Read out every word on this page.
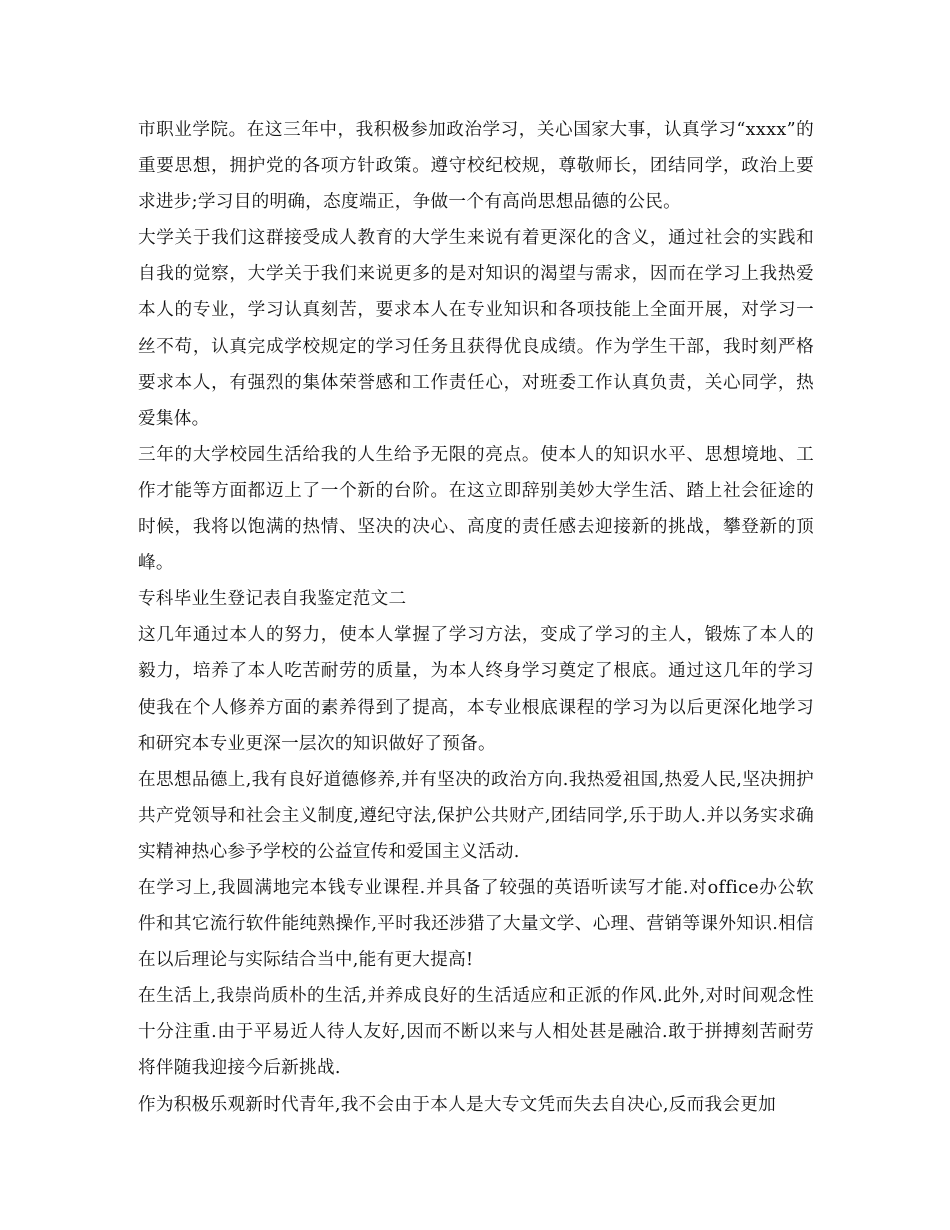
市职业学院。在这三年中，我积极参加政治学习，关心国家大事，认真学习“xxxx”的重要思想，拥护党的各项方针政策。遵守校纪校规，尊敬师长，团结同学，政治上要求进步;学习目的明确，态度端正，争做一个有高尚思想品德的公民。

大学关于我们这群接受成人教育的大学生来说有着更深化的含义，通过社会的实践和自我的觉察，大学关于我们来说更多的是对知识的渴望与需求，因而在学习上我热爱本人的专业，学习认真刻苦，要求本人在专业知识和各项技能上全面开展，对学习一丝不苟，认真完成学校规定的学习任务且获得优良成绩。作为学生干部，我时刻严格要求本人，有强烈的集体荣誉感和工作责任心，对班委工作认真负责，关心同学，热爱集体。

三年的大学校园生活给我的人生给予无限的亮点。使本人的知识水平、思想境地、工作才能等方面都迈上了一个新的台阶。在这立即辞别美妙大学生活、踏上社会征途的时候，我将以饱满的热情、坚决的决心、高度的责任感去迎接新的挑战，攀登新的顶峰。

专科毕业生登记表自我鉴定范文二

这几年通过本人的努力，使本人掌握了学习方法，变成了学习的主人，锻炼了本人的毅力，培养了本人吃苦耐劳的质量，为本人终身学习奠定了根底。通过这几年的学习使我在个人修养方面的素养得到了提高，本专业根底课程的学习为以后更深化地学习和研究本专业更深一层次的知识做好了预备。

在思想品德上,我有良好道德修养,并有坚决的政治方向.我热爱祖国,热爱人民,坚决拥护共产党领导和社会主义制度,遵纪守法,保护公共财产,团结同学,乐于助人.并以务实求确实精神热心参予学校的公益宣传和爱国主义活动.

在学习上,我圆满地完本钱专业课程.并具备了较强的英语听读写才能.对office办公软件和其它流行软件能纯熟操作,平时我还涉猎了大量文学、心理、营销等课外知识.相信在以后理论与实际结合当中,能有更大提高!

在生活上,我崇尚质朴的生活,并养成良好的生活适应和正派的作风.此外,对时间观念性十分注重.由于平易近人待人友好,因而不断以来与人相处甚是融洽.敢于拼搏刻苦耐劳将伴随我迎接今后新挑战.

作为积极乐观新时代青年,我不会由于本人是大专文凭而失去自决心,反而我会更加
